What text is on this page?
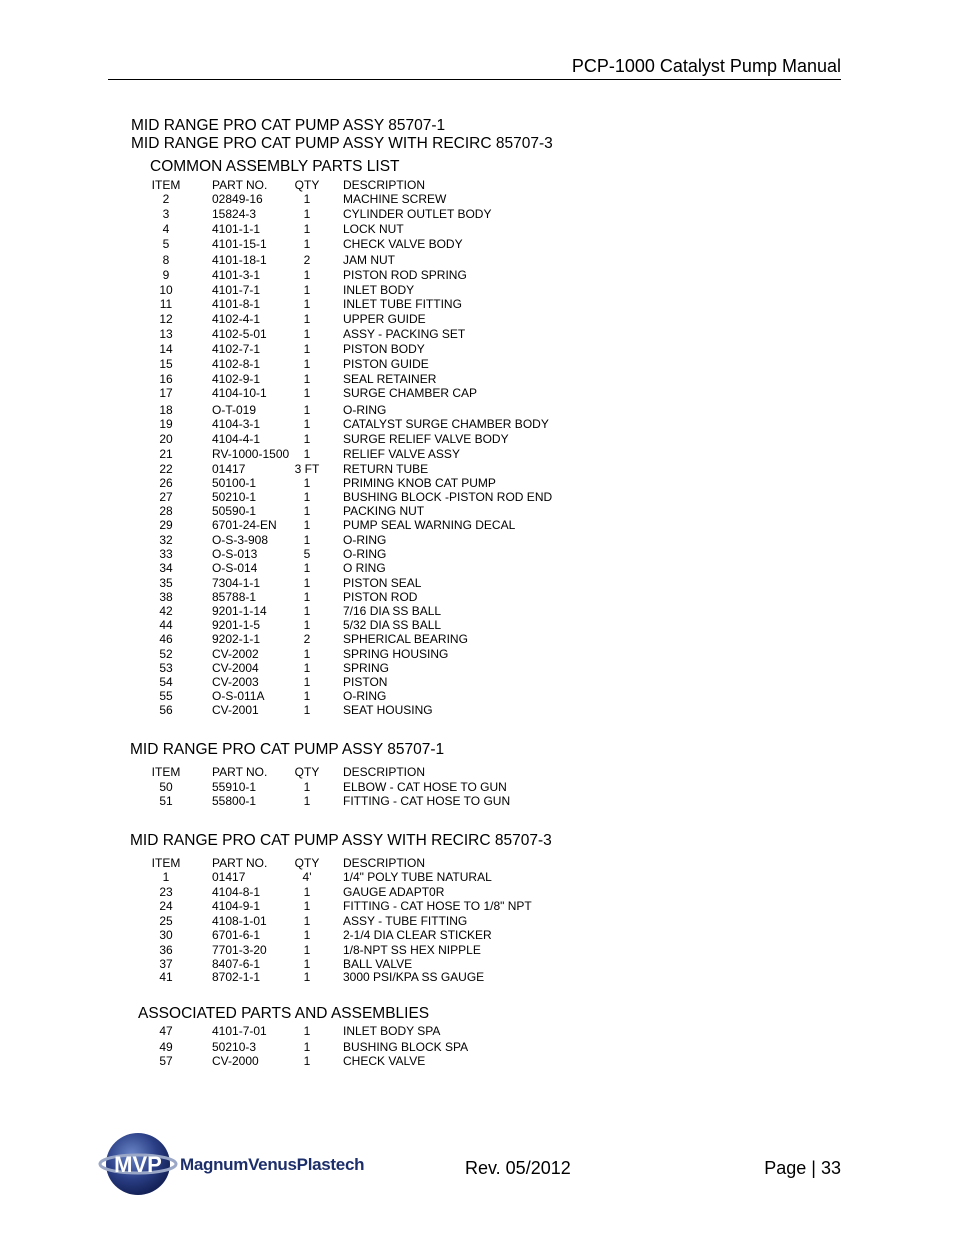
PCP-1000 Catalyst Pump Manual
MID RANGE PRO CAT PUMP ASSY 85707-1
MID RANGE PRO CAT PUMP ASSY WITH RECIRC 85707-3
COMMON ASSEMBLY PARTS LIST
ITEM	PART NO.	QTY	DESCRIPTION
2	02849-16	1	MACHINE SCREW
3	15824-3	1	CYLINDER OUTLET BODY
4	4101-1-1	1	LOCK NUT
5	4101-15-1	1	CHECK VALVE BODY
8	4101-18-1	2	JAM NUT
9	4101-3-1	1	PISTON ROD SPRING
10	4101-7-1	1	INLET BODY
11	4101-8-1	1	INLET TUBE FITTING
12	4102-4-1	1	UPPER GUIDE
13	4102-5-01	1	ASSY - PACKING SET
14	4102-7-1	1	PISTON BODY
15	4102-8-1	1	PISTON GUIDE
16	4102-9-1	1	SEAL RETAINER
17	4104-10-1	1	SURGE CHAMBER CAP
18	O-T-019	1	O-RING
19	4104-3-1	1	CATALYST SURGE CHAMBER BODY
20	4104-4-1	1	SURGE RELIEF VALVE BODY
21	RV-1000-1500	1	RELIEF VALVE ASSY
22	01417	3 FT	RETURN TUBE
26	50100-1	1	PRIMING KNOB CAT PUMP
27	50210-1	1	BUSHING BLOCK -PISTON ROD END
28	50590-1	1	PACKING NUT
29	6701-24-EN	1	PUMP SEAL WARNING DECAL
32	O-S-3-908	1	O-RING
33	O-S-013	5	O-RING
34	O-S-014	1	O RING
35	7304-1-1	1	PISTON SEAL
38	85788-1	1	PISTON ROD
42	9201-1-14	1	7/16 DIA SS BALL
44	9201-1-5	1	5/32 DIA SS BALL
46	9202-1-1	2	SPHERICAL BEARING
52	CV-2002	1	SPRING HOUSING
53	CV-2004	1	SPRING
54	CV-2003	1	PISTON
55	O-S-011A	1	O-RING
56	CV-2001	1	SEAT HOUSING
MID RANGE PRO CAT PUMP ASSY 85707-1
ITEM	PART NO.	QTY	DESCRIPTION
50	55910-1	1	ELBOW - CAT HOSE TO GUN
51	55800-1	1	FITTING - CAT HOSE TO GUN
MID RANGE PRO CAT PUMP ASSY WITH RECIRC 85707-3
ITEM	PART NO.	QTY	DESCRIPTION
1	01417	4'	1/4" POLY TUBE NATURAL
23	4104-8-1	1	GAUGE ADAPT0R
24	4104-9-1	1	FITTING - CAT HOSE TO 1/8" NPT
25	4108-1-01	1	ASSY - TUBE FITTING
30	6701-6-1	1	2-1/4 DIA CLEAR STICKER
36	7701-3-20	1	1/8-NPT SS HEX NIPPLE
37	8407-6-1	1	BALL VALVE
41	8702-1-1	1	3000 PSI/KPA SS GAUGE
ASSOCIATED PARTS AND ASSEMBLIES
47	4101-7-01	1	INLET BODY SPA
49	50210-3	1	BUSHING BLOCK SPA
57	CV-2000	1	CHECK VALVE
MVP MagnumVenusPlastech	Rev. 05/2012	Page | 33
